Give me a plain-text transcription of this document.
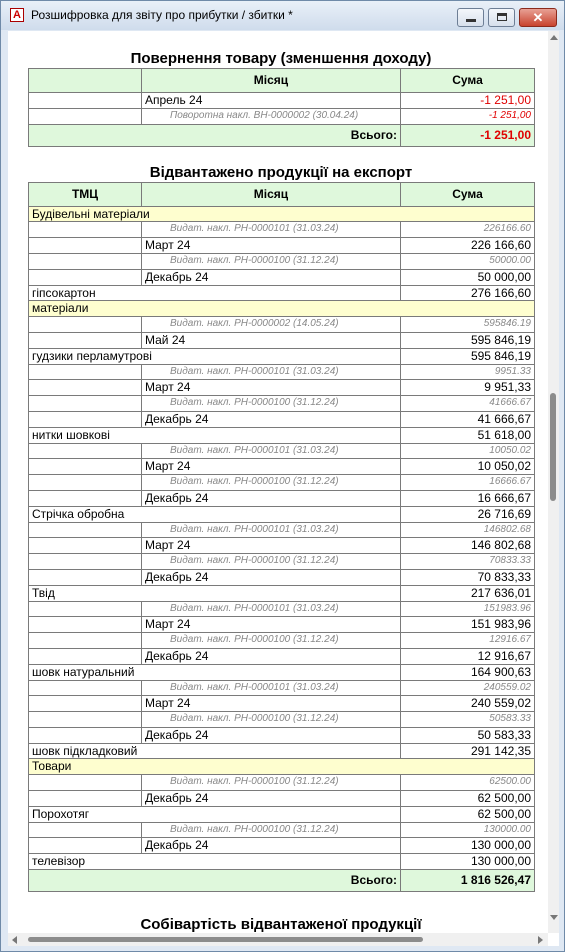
A Розшифровка для звіту про прибутки / збитки *	✕
Повернення товару (зменшення доходу)
	Місяц	Сума
	Апрель 24	-1 251,00
	Поворотна накл. ВН-0000002 (30.04.24)	-1 251,00
Всього:		-1 251,00
Відвантажено продукції на експорт
ТМЦ	Місяц	Сума
Будівельні матеріали		
	Видат. накл. РН-0000101 (31.03.24)	226166.60
	Март 24	226 166,60
	Видат. накл. РН-0000100 (31.12.24)	50000.00
	Декабрь 24	50 000,00
гіпсокартон		276 166,60
матеріали		
	Видат. накл. РН-0000002 (14.05.24)	595846.19
	Май 24	595 846,19
гудзики перламутрові		595 846,19
	Видат. накл. РН-0000101 (31.03.24)	9951.33
	Март 24	9 951,33
	Видат. накл. РН-0000100 (31.12.24)	41666.67
	Декабрь 24	41 666,67
нитки шовкові		51 618,00
	Видат. накл. РН-0000101 (31.03.24)	10050.02
	Март 24	10 050,02
	Видат. накл. РН-0000100 (31.12.24)	16666.67
	Декабрь 24	16 666,67
Стрічка обробна		26 716,69
	Видат. накл. РН-0000101 (31.03.24)	146802.68
	Март 24	146 802,68
	Видат. накл. РН-0000100 (31.12.24)	70833.33
	Декабрь 24	70 833,33
Твід		217 636,01
	Видат. накл. РН-0000101 (31.03.24)	151983.96
	Март 24	151 983,96
	Видат. накл. РН-0000100 (31.12.24)	12916.67
	Декабрь 24	12 916,67
шовк натуральний		164 900,63
	Видат. накл. РН-0000101 (31.03.24)	240559.02
	Март 24	240 559,02
	Видат. накл. РН-0000100 (31.12.24)	50583.33
	Декабрь 24	50 583,33
шовк підкладковий		291 142,35
Товари		
	Видат. накл. РН-0000100 (31.12.24)	62500.00
	Декабрь 24	62 500,00
Порохотяг		62 500,00
	Видат. накл. РН-0000100 (31.12.24)	130000.00
	Декабрь 24	130 000,00
телевізор		130 000,00
Всього:		1 816 526,47
Собівартість відвантаженої продукції
